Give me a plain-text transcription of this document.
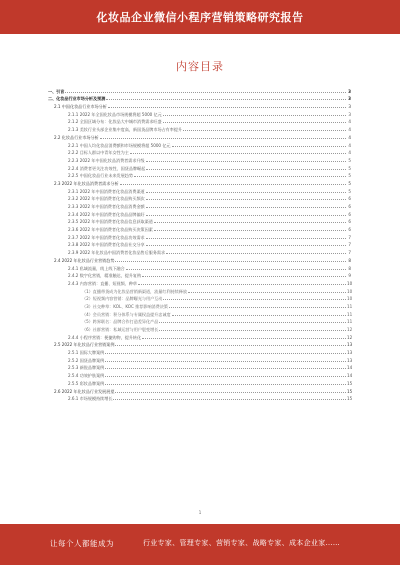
化妆品企业微信小程序营销策略研究报告
内容目录
一、引言	3
二、化妆品行业市场分析及预测	3
2.1 中国化妆品行业市场分析	3
2.1.1 2022 年全国化妆品市场规模将超 5000 亿元	3
2.1.2 全国区域分布：化妆品大中城市消费需求旺盛	4
2.1.3 美妆行业头部企业集中度高，新国货品牌市场占有率提升	4
2.2 化妆品行业市场分析	4
2.2.1 中国人均化妆品消费额和市场规模将超 5000 亿元	4
2.2.2 目标人群以中青年女性为主	4
2.2.3 2022 年中国化妆品消费者需求升级	5
2.2.4 消费者更关注功效性，国货品牌崛起	5
2.2.5 中国化妆品行业未来发展趋势	5
2.3 2022 年化妆品消费者需求分析	5
2.3.1 2022 年中国消费者化妆品消费渠道	5
2.3.2 2022 年中国消费者化妆品购买频次	6
2.3.3 2022 年中国消费者化妆品消费金额	6
2.3.4 2022 年中国消费者化妆品品牌偏好	6
2.3.5 2022 年中国消费者化妆品信息获取渠道	6
2.3.6 2022 年中国消费者化妆品购买决策因素	6
2.3.7 2022 年中国消费者化妆品功效需求	7
2.3.8 2022 年中国消费者化妆品社交分享	7
2.3.9 2022 年化妆品中国消费者化妆品售后服务需求	7
2.4 2022 年化妆品行业营销趋势	8
2.4.1 私域流量，线上线下融合	8
2.4.2 数字化营销，精准触达，提升复购	9
2.4.3 内容营销：直播、短视频、种草	10
（1）直播带货成为化妆品营销新渠道，流量红利持续释放	10
（2）短视频内容营销：品牌曝光与用户互动	10
（3）社交种草：KOL、KOC 推荐影响消费决策	11
（4）会员营销：积分体系与专属权益提升忠诚度	11
（5）跨界联名：品牌合作打造差异化产品	11
（6）社群营销：私域运营与用户裂变增长	12
2.4.4 小程序营销：便捷购物，提升转化	12
2.5 2022 年化妆品行业营销案例	13
2.5.1 国际大牌案例	13
2.5.2 国货品牌案例	13
2.5.3 新锐品牌案例	14
2.5.4 功效护肤案例	14
2.5.5 彩妆品牌案例	15
2.6 2022 年化妆品行业发展展望	15
2.6.1 市场规模持续增长	15
1
让每个人都能成为	行业专家、管理专家、营销专家、战略专家、成本企业家……
